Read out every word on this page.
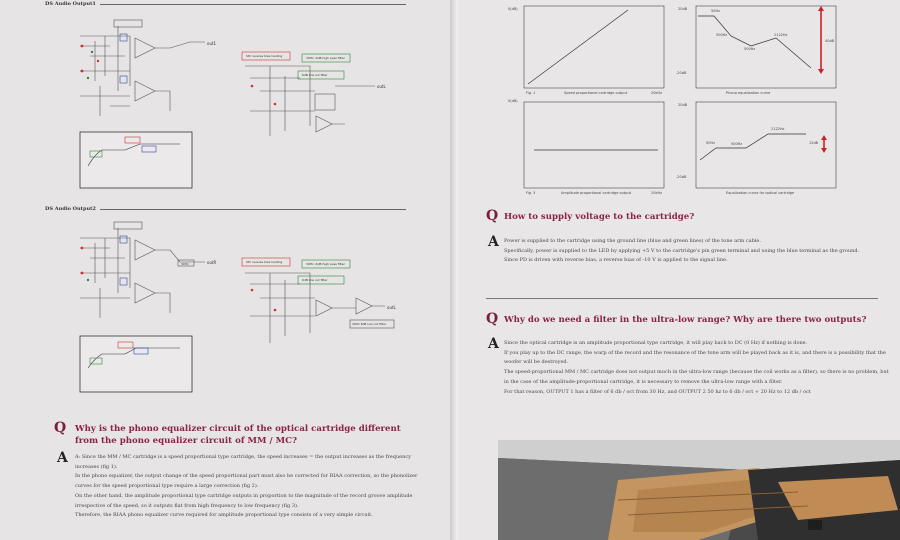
DS Audio Output1
out1
Sth reverse bias loading	30Hz -6dB high pass filter
6dB low cut filter
outL
DS Audio Output2
30Hz	outR	Sth reverse bias loading	30Hz -6dB high pass filter
6dB low cut filter
30Hz 6dB low cut filter
outL
Q Why is the phono equalizer circuit of the optical cartridge different from the phono equalizer circuit of MM / MC?
A A: Since the MM / MC cartridge is a speed proportional type cartridge, the speed increases = the output increases as the frequency increases (fig 1).

In the phono equalizer, the output change of the speed proportional part must also be corrected for RIAA correction, so the phonolizer curves for the speed proportional type require a large correction (fig 2).

On the other hand, the amplitude proportional type cartridge outputs in proportion to the magnitude of the record groove amplitude irrespective of the speed, so it outputs flat from high frequency to low frequency (fig 3).

Therefore, the RIAA phono equalizer curve required for amplitude proportional type consists of a very simple circuit.

0(dB)
Fig. 1	Speed proportional cartridge output	20kHz
20dB
-20dB
50Hz
500Hz	2122Hz
500Hz
40dB
Phono equalization curve
0(dB)
Fig. 3	Amplitude proportional cartridge output	20kHz
20dB
-20dB
50Hz
2122Hz
500Hz	12dB
Equalization curve for optical cartridge
Q How to supply voltage to the cartridge?
A Power is supplied to the cartridge using the ground line (blue and green lines) of the tone arm cable.

Specifically, power is supplied to the LED by applying +5 V to the cartridge's pin green terminal and using the blue terminal as the ground.

Since PD is driven with reverse bias, a reverse bias of -10 V is applied to the signal line.

Q Why do we need a filter in the ultra-low range? Why are there two outputs?
A Since the optical cartridge is an amplitude proportional type cartridge, it will play back to DC (0 Hz) if nothing is done.

If you play up to the DC range, the warp of the record and the resonance of the tone arm will be played back as it is, and there is a possibility that the woofer will be destroyed.

The speed-proportional MM / MC cartridge does not output much in the ultra-low range (because the coil works as a filter), so there is no problem, but in the case of the amplitude-proportional cartridge, it is necessary to remove the ultra-low range with a filter.

For that reason, OUTPUT 1 has a filter of 6 db / oct from 30 Hz, and OUTPUT 2 50 hz to 6 db / oct + 20 Hz to 12 db / oct
